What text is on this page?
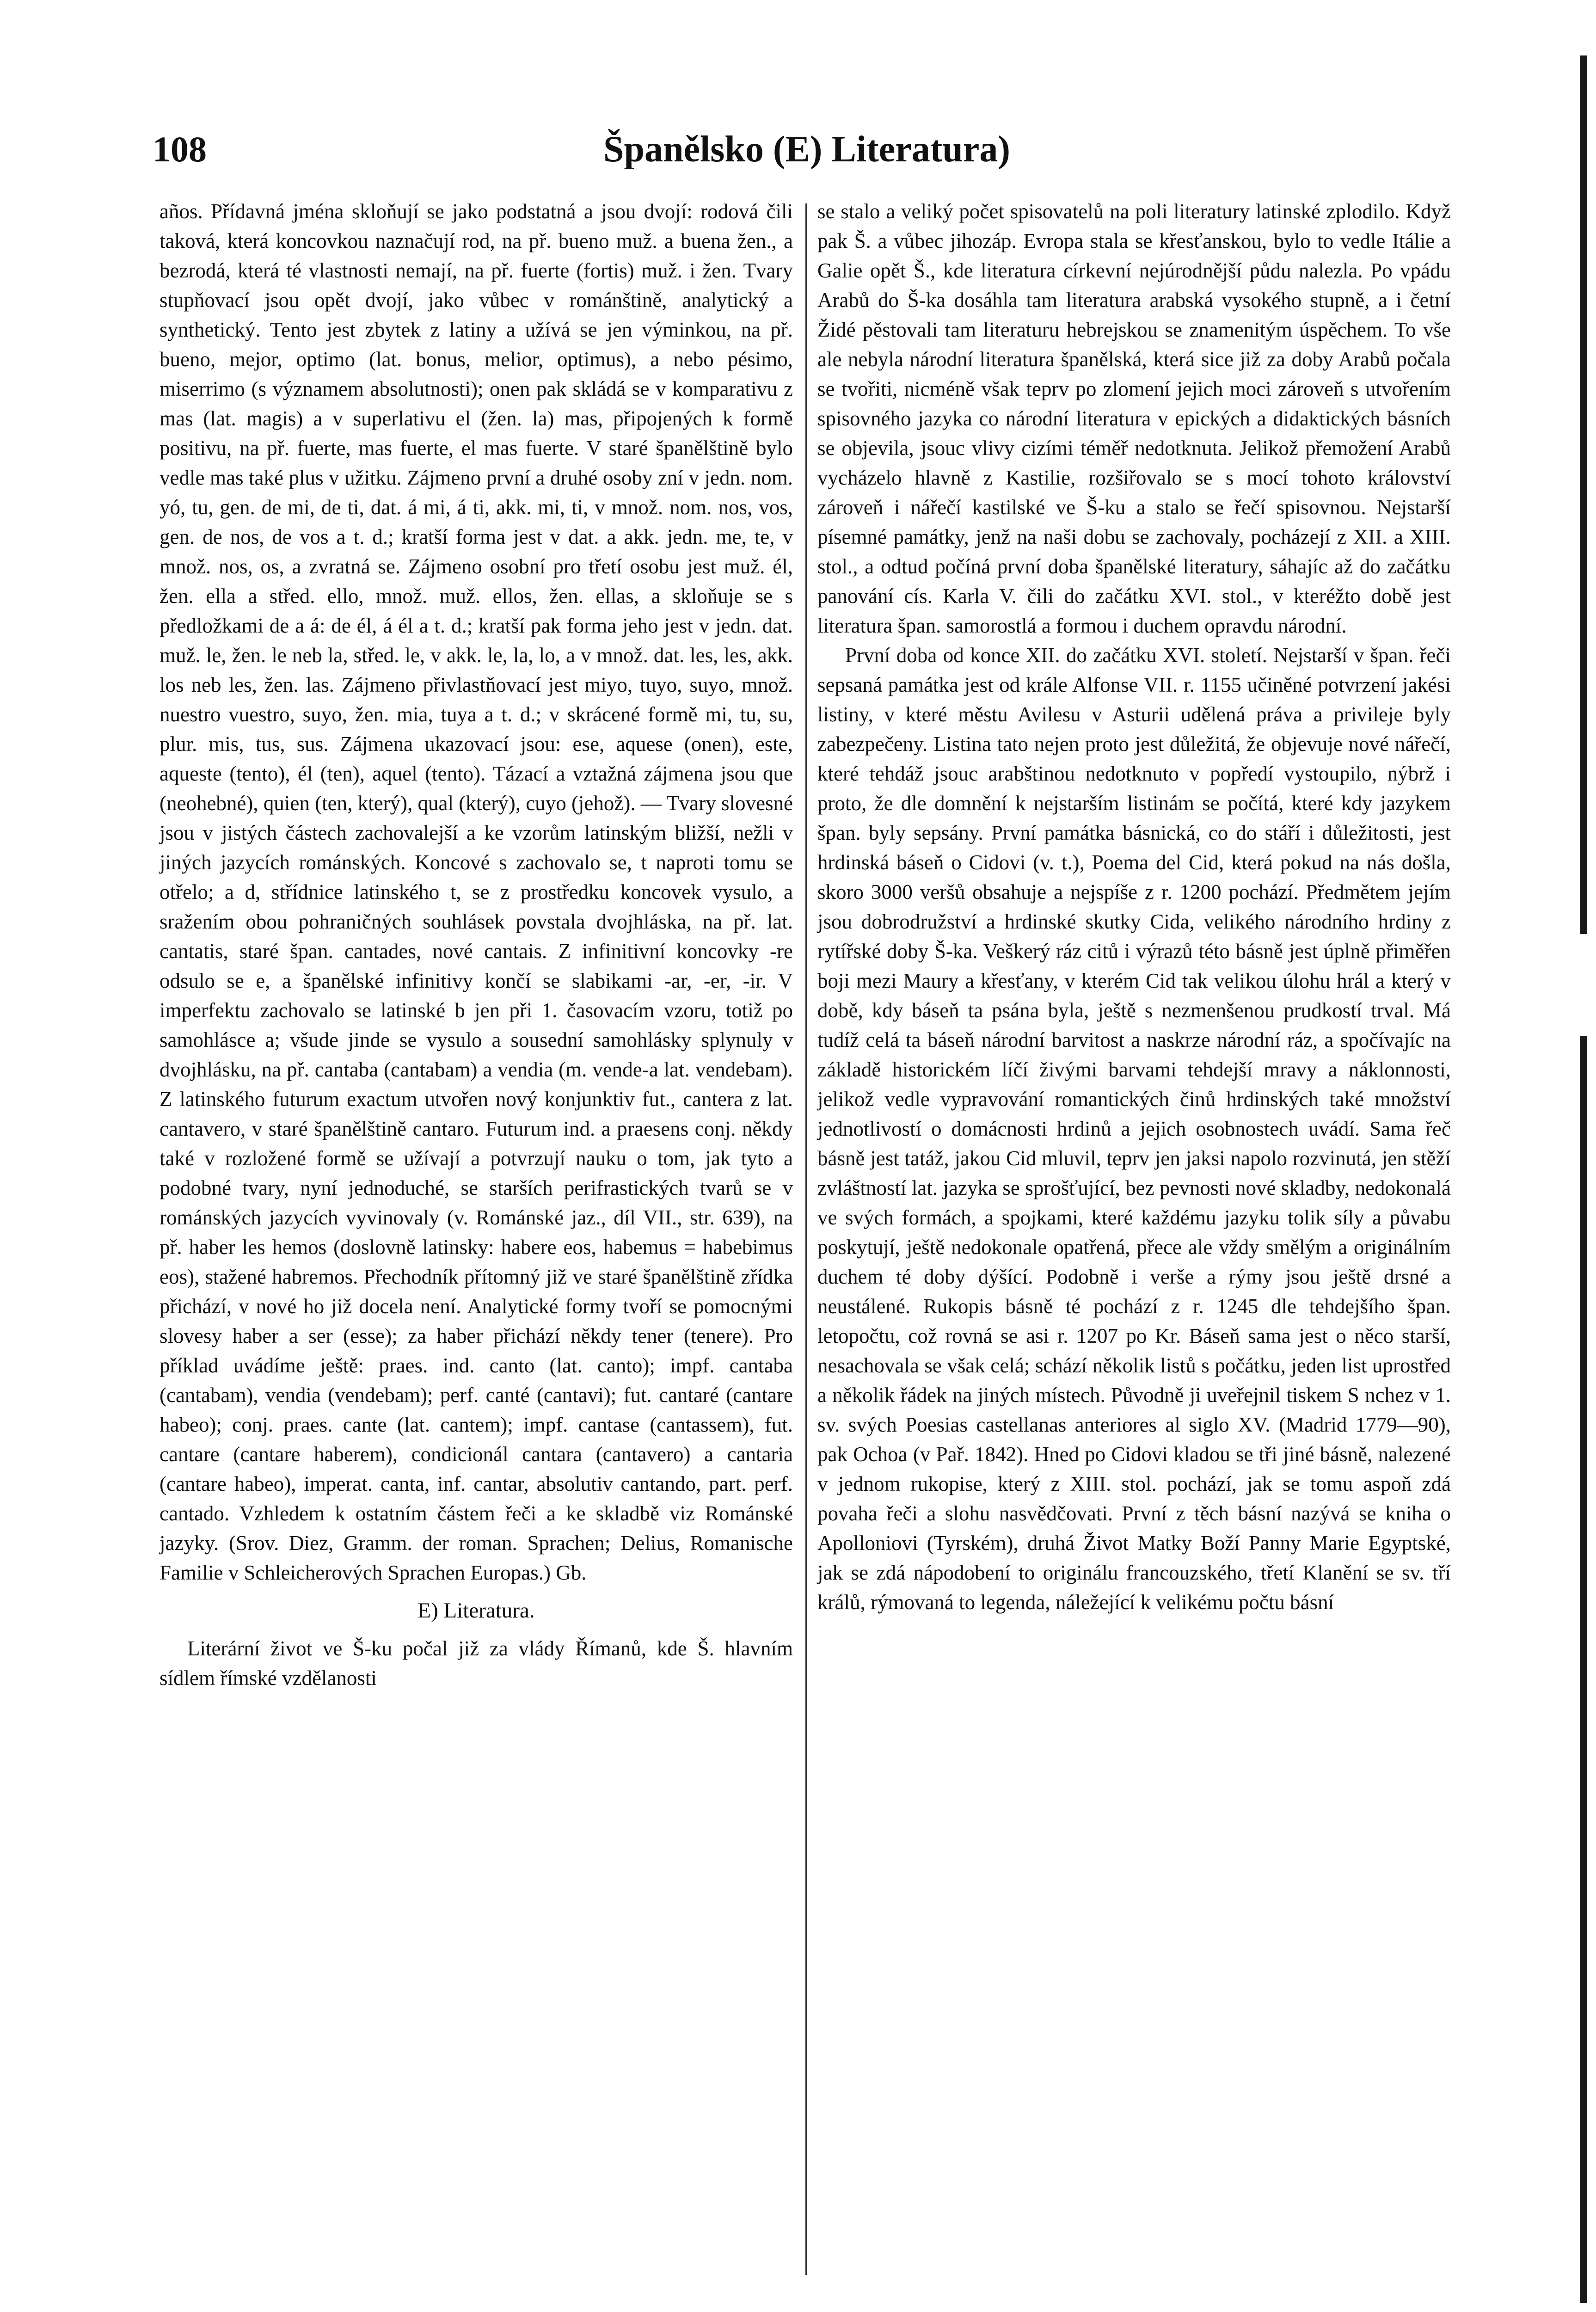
108	Španělsko (E) Literatura)

años. Přídavná jména skloňují se jako podstatná a jsou dvojí: rodová čili taková, která koncovkou naznačují rod, na př. bueno muž. a buena žen., a bezrodá, která té vlastnosti nemají, na př. fuerte (fortis) muž. i žen. Tvary stupňovací jsou opět dvojí, jako vůbec v románštině, analytický a synthetický. Tento jest zbytek z latiny a užívá se jen výminkou, na př. bueno, mejor, optimo (lat. bonus, melior, optimus), a nebo pésimo, miserrimo (s významem absolutnosti); onen pak skládá se v komparativu z mas (lat. magis) a v superlativu el (žen. la) mas, připojených k formě positivu, na př. fuerte, mas fuerte, el mas fuerte. V staré španělštině bylo vedle mas také plus v užitku. Zájmeno první a druhé osoby zní v jedn. nom. yó, tu, gen. de mi, de ti, dat. á mi, á ti, akk. mi, ti, v množ. nom. nos, vos, gen. de nos, de vos a t. d.; kratší forma jest v dat. a akk. jedn. me, te, v množ. nos, os, a zvratná se. Zájmeno osobní pro třetí osobu jest muž. él, žen. ella a střed. ello, množ. muž. ellos, žen. ellas, a skloňuje se s předložkami de a á: de él, á él a t. d.; kratší pak forma jeho jest v jedn. dat. muž. le, žen. le neb la, střed. le, v akk. le, la, lo, a v množ. dat. les, les, akk. los neb les, žen. las. Zájmeno přivlastňovací jest miyo, tuyo, suyo, množ. nuestro vuestro, suyo, žen. mia, tuya a t. d.; v skrácené formě mi, tu, su, plur. mis, tus, sus. Zájmena ukazovací jsou: ese, aquese (onen), este, aqueste (tento), él (ten), aquel (tento). Tázací a vztažná zájmena jsou que (neohebné), quien (ten, který), qual (který), cuyo (jehož). — Tvary slovesné jsou v jistých částech zachovalejší a ke vzorům latinským bližší, nežli v jiných jazycích románských. Koncové s zachovalo se, t naproti tomu se otřelo; a d, střídnice latinského t, se z prostředku koncovek vysulo, a sražením obou pohraničných souhlásek povstala dvojhláska, na př. lat. cantatis, staré špan. cantades, nové cantais. Z infinitivní koncovky -re odsulo se e, a španělské infinitivy končí se slabikami -ar, -er, -ir. V imperfektu zachovalo se latinské b jen při 1. časovacím vzoru, totiž po samohlásce a; všude jinde se vysulo a sousední samohlásky splynuly v dvojhlásku, na př. cantaba (cantabam) a vendia (m. vende-a lat. vendebam). Z latinského futurum exactum utvořen nový konjunktiv fut., cantera z lat. cantavero, v staré španělštině cantaro. Futurum ind. a praesens conj. někdy také v rozložené formě se užívají a potvrzují nauku o tom, jak tyto a podobné tvary, nyní jednoduché, se starších perifrastických tvarů se v románských jazycích vyvinovaly (v. Románské jaz., díl VII., str. 639), na př. haber les hemos (doslovně latinsky: habere eos, habemus = habebimus eos), stažené habremos. Přechodník přítomný již ve staré španělštině zřídka přichází, v nové ho již docela není. Analytické formy tvoří se pomocnými slovesy haber a ser (esse); za haber přichází někdy tener (tenere). Pro příklad uvádíme ještě: praes. ind. canto (lat. canto); impf. cantaba (cantabam), vendia (vendebam); perf. canté (cantavi); fut. cantaré (cantare habeo); conj. praes. cante (lat. cantem); impf. cantase (cantassem), fut. cantare (cantare haberem), condicionál cantara (cantavero) a cantaria (cantare habeo), imperat. canta, inf. cantar, absolutiv cantando, part. perf. cantado. Vzhledem k ostatním částem řeči a ke skladbě viz Románské jazyky. (Srov. Diez, Gramm. der roman. Sprachen; Delius, Romanische Familie v Schleicherových Sprachen Europas.) Gb.

E) Literatura.

Literární život ve Š-ku počal již za vlády Římanů, kde Š. hlavním sídlem římské vzdělanosti

se stalo a veliký počet spisovatelů na poli literatury latinské zplodilo. Když pak Š. a vůbec jihozáp. Evropa stala se křesťanskou, bylo to vedle Itálie a Galie opět Š., kde literatura církevní nejúrodnější půdu nalezla. Po vpádu Arabů do Š-ka dosáhla tam literatura arabská vysokého stupně, a i četní Židé pěstovali tam literaturu hebrejskou se znamenitým úspěchem. To vše ale nebyla národní literatura španělská, která sice již za doby Arabů počala se tvořiti, nicméně však teprv po zlomení jejich moci zároveň s utvořením spisovného jazyka co národní literatura v epických a didaktických básních se objevila, jsouc vlivy cizími téměř nedotknuta. Jelikož přemožení Arabů vycházelo hlavně z Kastilie, rozšiřovalo se s mocí tohoto království zároveň i nářečí kastilské ve Š-ku a stalo se řečí spisovnou. Nejstarší písemné památky, jenž na naši dobu se zachovaly, pocházejí z XII. a XIII. stol., a odtud počíná první doba španělské literatury, sáhajíc až do začátku panování cís. Karla V. čili do začátku XVI. stol., v kteréžto době jest literatura špan. samorostlá a formou i duchem opravdu národní.

První doba od konce XII. do začátku XVI. století. Nejstarší v špan. řeči sepsaná památka jest od krále Alfonse VII. r. 1155 učiněné potvrzení jakési listiny, v které městu Avilesu v Asturii udělená práva a privileje byly zabezpečeny. Listina tato nejen proto jest důležitá, že objevuje nové nářečí, které tehdáž jsouc arabštinou nedotknuto v popředí vystoupilo, nýbrž i proto, že dle domnění k nejstarším listinám se počítá, které kdy jazykem špan. byly sepsány. První památka básnická, co do stáří i důležitosti, jest hrdinská báseň o Cidovi (v. t.), Poema del Cid, která pokud na nás došla, skoro 3000 veršů obsahuje a nejspíše z r. 1200 pochází. Předmětem jejím jsou dobrodružství a hrdinské skutky Cida, velikého národního hrdiny z rytířské doby Š-ka. Veškerý ráz citů i výrazů této básně jest úplně přiměřen boji mezi Maury a křesťany, v kterém Cid tak velikou úlohu hrál a který v době, kdy báseň ta psána byla, ještě s nezmenšenou prudkostí trval. Má tudíž celá ta báseň národní barvitost a naskrze národní ráz, a spočívajíc na základě historickém líčí živými barvami tehdejší mravy a náklonnosti, jelikož vedle vypravování romantických činů hrdinských také množství jednotlivostí o domácnosti hrdinů a jejich osobnostech uvádí. Sama řeč básně jest tatáž, jakou Cid mluvil, teprv jen jaksi napolo rozvinutá, jen stěží zvláštností lat. jazyka se sprošťující, bez pevnosti nové skladby, nedokonalá ve svých formách, a spojkami, které každému jazyku tolik síly a půvabu poskytují, ještě nedokonale opatřená, přece ale vždy smělým a originálním duchem té doby dýšící. Podobně i verše a rýmy jsou ještě drsné a neustálené. Rukopis básně té pochází z r. 1245 dle tehdejšího špan. letopočtu, což rovná se asi r. 1207 po Kr. Báseň sama jest o něco starší, nesachovala se však celá; schází několik listů s počátku, jeden list uprostřed a několik řádek na jiných místech. Původně ji uveřejnil tiskem S nchez v 1. sv. svých Poesias castellanas anteriores al siglo XV. (Madrid 1779—90), pak Ochoa (v Pař. 1842). Hned po Cidovi kladou se tři jiné básně, nalezené v jednom rukopise, který z XIII. stol. pochází, jak se tomu aspoň zdá povaha řeči a slohu nasvědčovati. První z těch básní nazývá se kniha o Apolloniovi (Tyrském), druhá Život Matky Boží Panny Marie Egyptské, jak se zdá nápodobení to originálu francouzského, třetí Klanění se sv. tří králů, rýmovaná to legenda, náležející k velikému počtu básní
